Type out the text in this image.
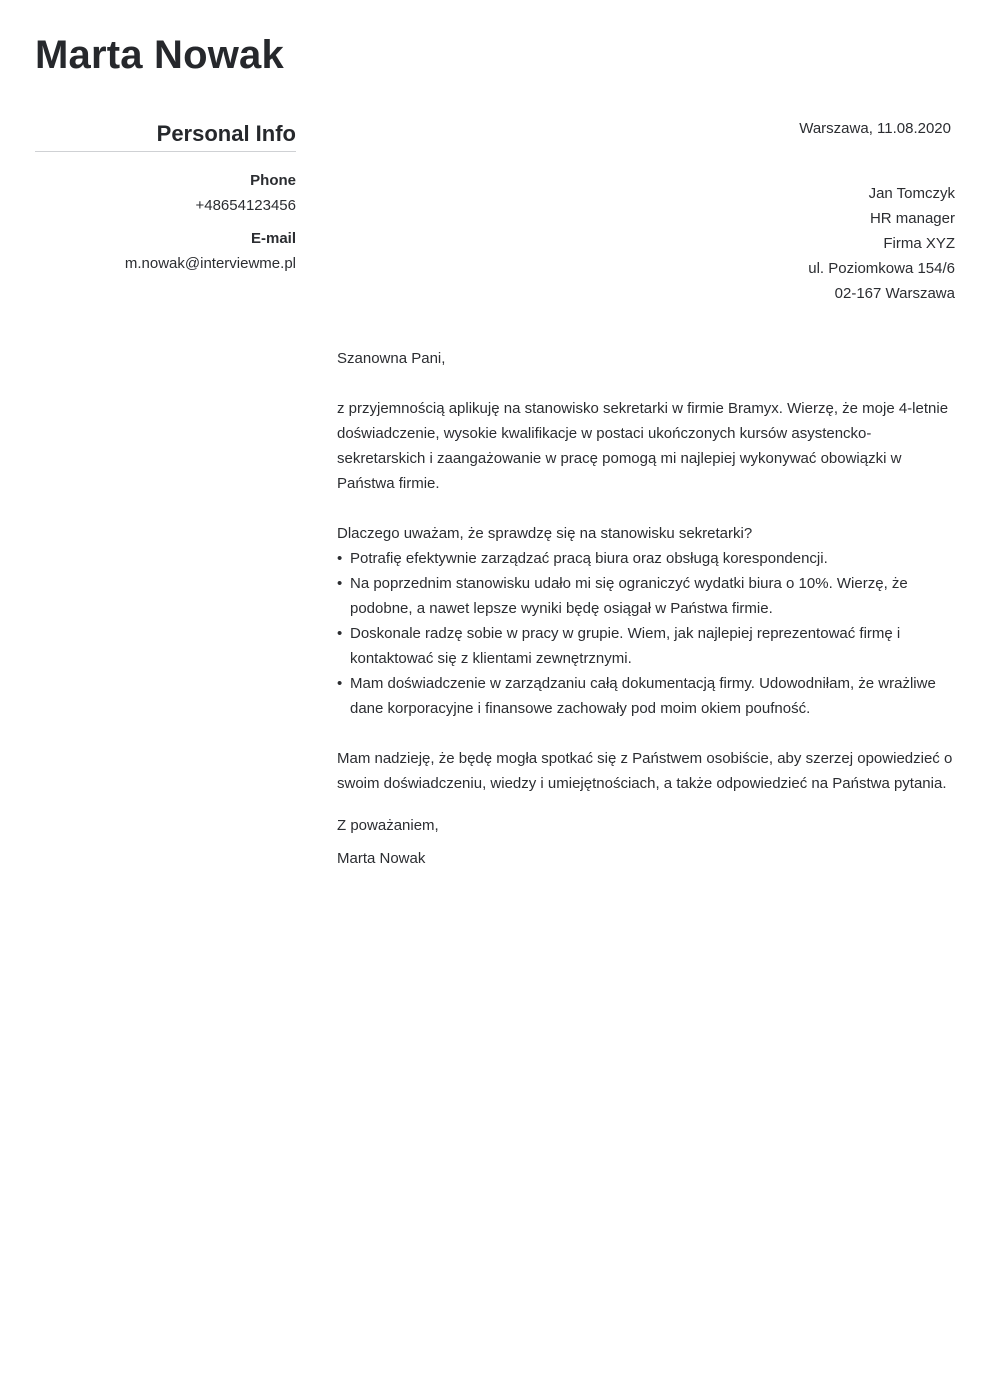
Marta Nowak
Personal Info
Phone
+48654123456
E-mail
m.nowak@interviewme.pl
Warszawa, 11.08.2020
Jan Tomczyk
HR manager
Firma XYZ
ul. Poziomkowa 154/6
02-167 Warszawa
Szanowna Pani,

z przyjemnością aplikuję na stanowisko sekretarki w firmie Bramyx. Wierzę, że moje 4-letnie doświadczenie, wysokie kwalifikacje w postaci ukończonych kursów asystencko-sekretarskich i zaangażowanie w pracę pomogą mi najlepiej wykonywać obowiązki w Państwa firmie.

Dlaczego uważam, że sprawdzę się na stanowisku sekretarki?
• Potrafię efektywnie zarządzać pracą biura oraz obsługą korespondencji.
• Na poprzednim stanowisku udało mi się ograniczyć wydatki biura o 10%. Wierzę, że podobne, a nawet lepsze wyniki będę osiągał w Państwa firmie.
• Doskonale radzę sobie w pracy w grupie. Wiem, jak najlepiej reprezentować firmę i kontaktować się z klientami zewnętrznymi.
• Mam doświadczenie w zarządzaniu całą dokumentacją firmy. Udowodniłam, że wrażliwe dane korporacyjne i finansowe zachowały pod moim okiem poufność.

Mam nadzieję, że będę mogła spotkać się z Państwem osobiście, aby szerzej opowiedzieć o swoim doświadczeniu, wiedzy i umiejętnościach, a także odpowiedzieć na Państwa pytania.

Z poważaniem,
Marta Nowak
